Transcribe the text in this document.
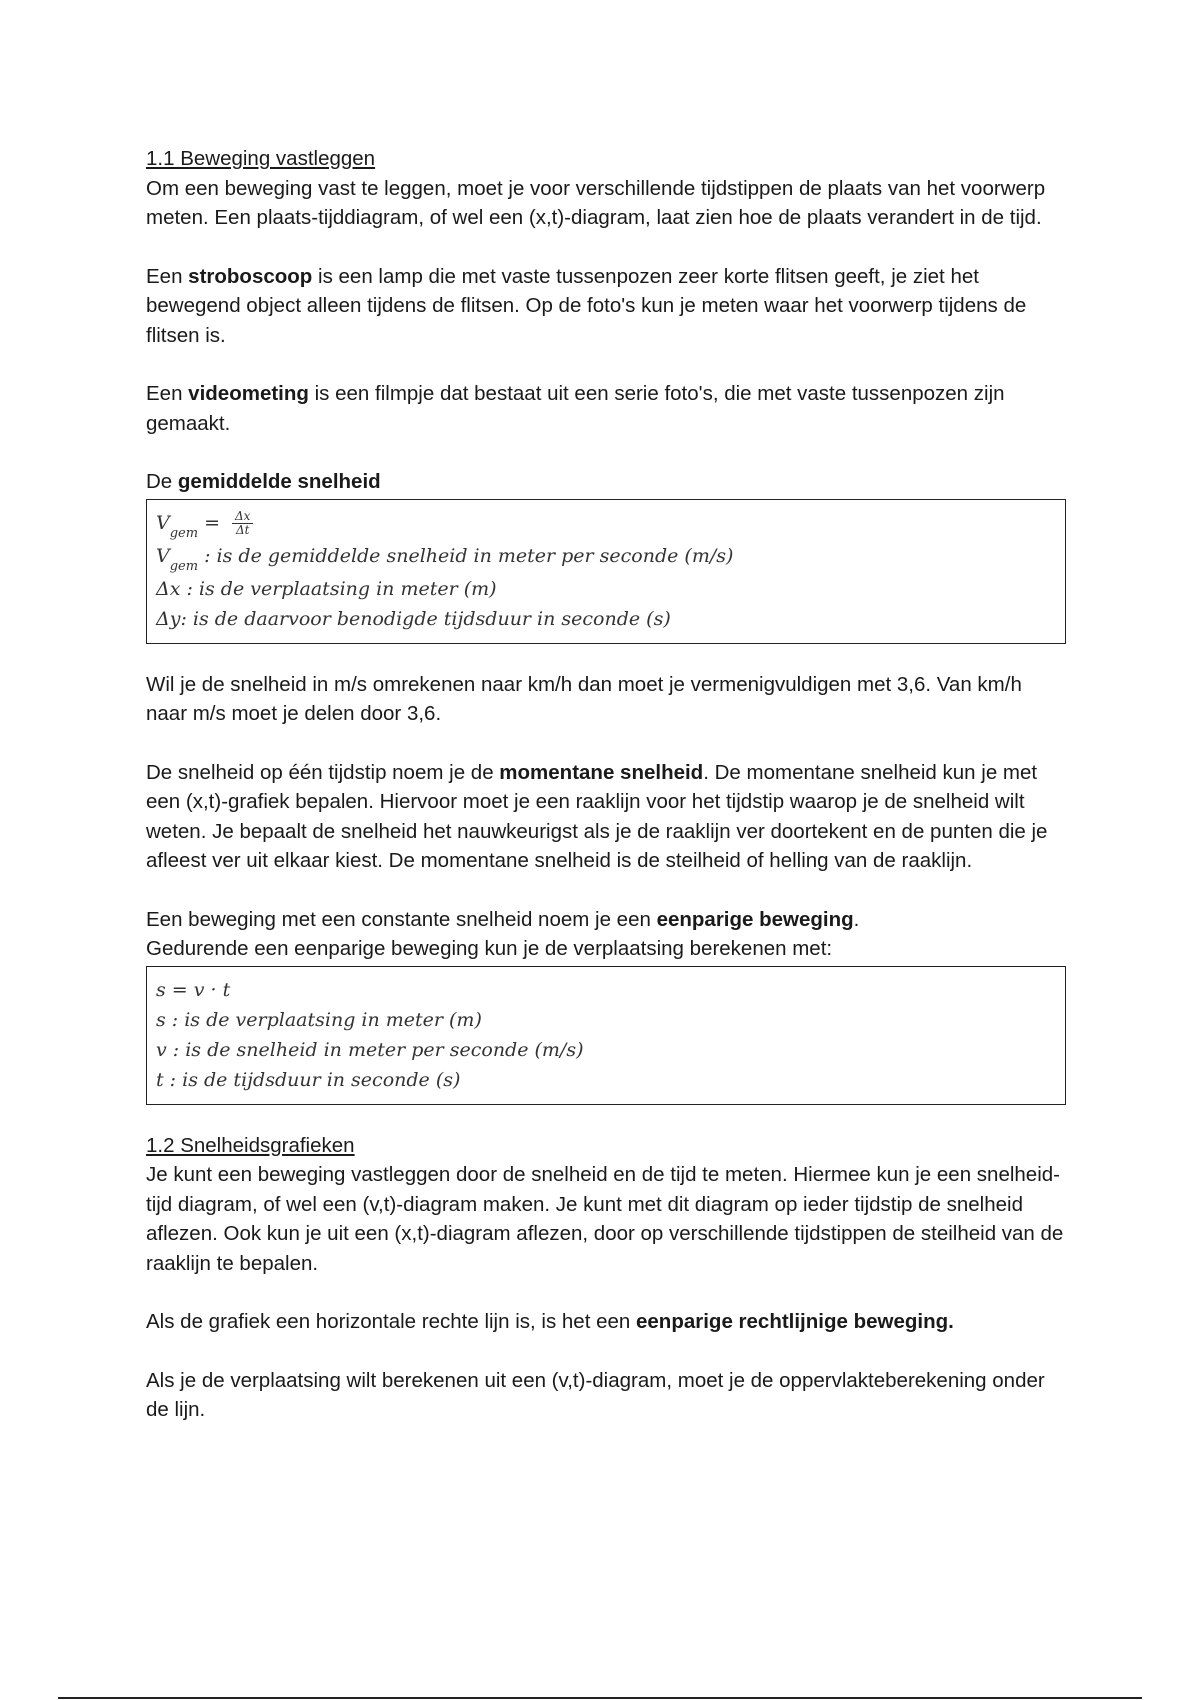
1.1 Beweging vastleggen

Om een beweging vast te leggen, moet je voor verschillende tijdstippen de plaats van het voorwerp meten. Een plaats-tijddiagram, of wel een (x,t)-diagram, laat zien hoe de plaats verandert in de tijd.

Een stroboscoop is een lamp die met vaste tussenpozen zeer korte flitsen geeft, je ziet het bewegend object alleen tijdens de flitsen. Op de foto's kun je meten waar het voorwerp tijdens de flitsen is.

Een videometing is een filmpje dat bestaat uit een serie foto's, die met vaste tussenpozen zijn gemaakt.

De gemiddelde snelheid

$V_{gem} = \frac{\Delta x}{\Delta t}$
$V_{gem}$ : is de gemiddelde snelheid in meter per seconde (m/s)
Δx : is de verplaatsing in meter (m)
Δy: is de daarvoor benodigde tijdsduur in seconde (s)

Wil je de snelheid in m/s omrekenen naar km/h dan moet je vermenigvuldigen met 3,6. Van km/h naar m/s moet je delen door 3,6.

De snelheid op één tijdstip noem je de momentane snelheid. De momentane snelheid kun je met een (x,t)-grafiek bepalen. Hiervoor moet je een raaklijn voor het tijdstip waarop je de snelheid wilt weten. Je bepaalt de snelheid het nauwkeurigst als je de raaklijn ver doortekent en de punten die je afleest ver uit elkaar kiest. De momentane snelheid is de steilheid of helling van de raaklijn.

Een beweging met een constante snelheid noem je een eenparige beweging.
Gedurende een eenparige beweging kun je de verplaatsing berekenen met:

s = v · t
s : is de verplaatsing in meter (m)
v : is de snelheid in meter per seconde (m/s)
t : is de tijdsduur in seconde (s)

1.2 Snelheidsgrafieken

Je kunt een beweging vastleggen door de snelheid en de tijd te meten. Hiermee kun je een snelheid-tijd diagram, of wel een (v,t)-diagram maken. Je kunt met dit diagram op ieder tijdstip de snelheid aflezen. Ook kun je uit een (x,t)-diagram aflezen, door op verschillende tijdstippen de steilheid van de raaklijn te bepalen.

Als de grafiek een horizontale rechte lijn is, is het een eenparige rechtlijnige beweging.

Als je de verplaatsing wilt berekenen uit een (v,t)-diagram, moet je de oppervlakteberekening onder de lijn.
